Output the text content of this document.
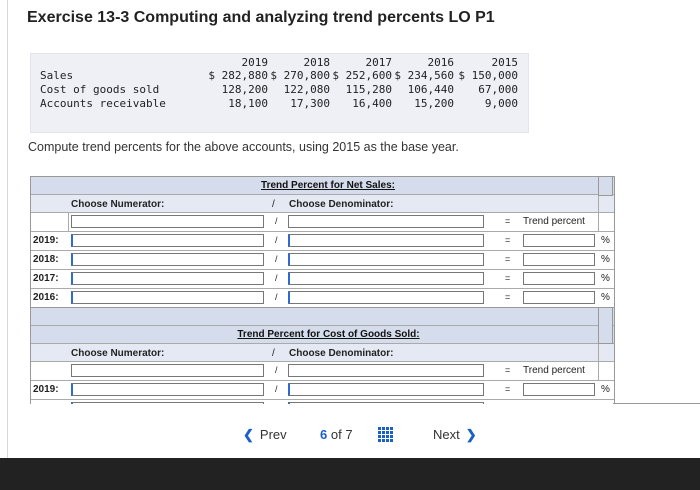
Exercise 13-3 Computing and analyzing trend percents LO P1
2019	2018	2017	2016	2015
Sales	$ 282,880 $ 270,800 $ 252,600 $ 234,560 $ 150,000
Cost of goods sold	128,200	122,080	115,280	106,440	67,000
Accounts receivable	18,100	17,300	16,400	15,200	9,000
Compute trend percents for the above accounts, using 2015 as the base year.
Trend Percent for Net Sales:
Choose Numerator:	/ Choose Denominator:
/	=	Trend percent
2019:	/	=	%
2018:	/	=	%
2017:	/	=	%
2016:	/	=	%
Trend Percent for Cost of Goods Sold:
Choose Numerator:	/ Choose Denominator:
/	=	Trend percent
2019:	/	=	%
❮ Prev	6 of 7	Next ❯
